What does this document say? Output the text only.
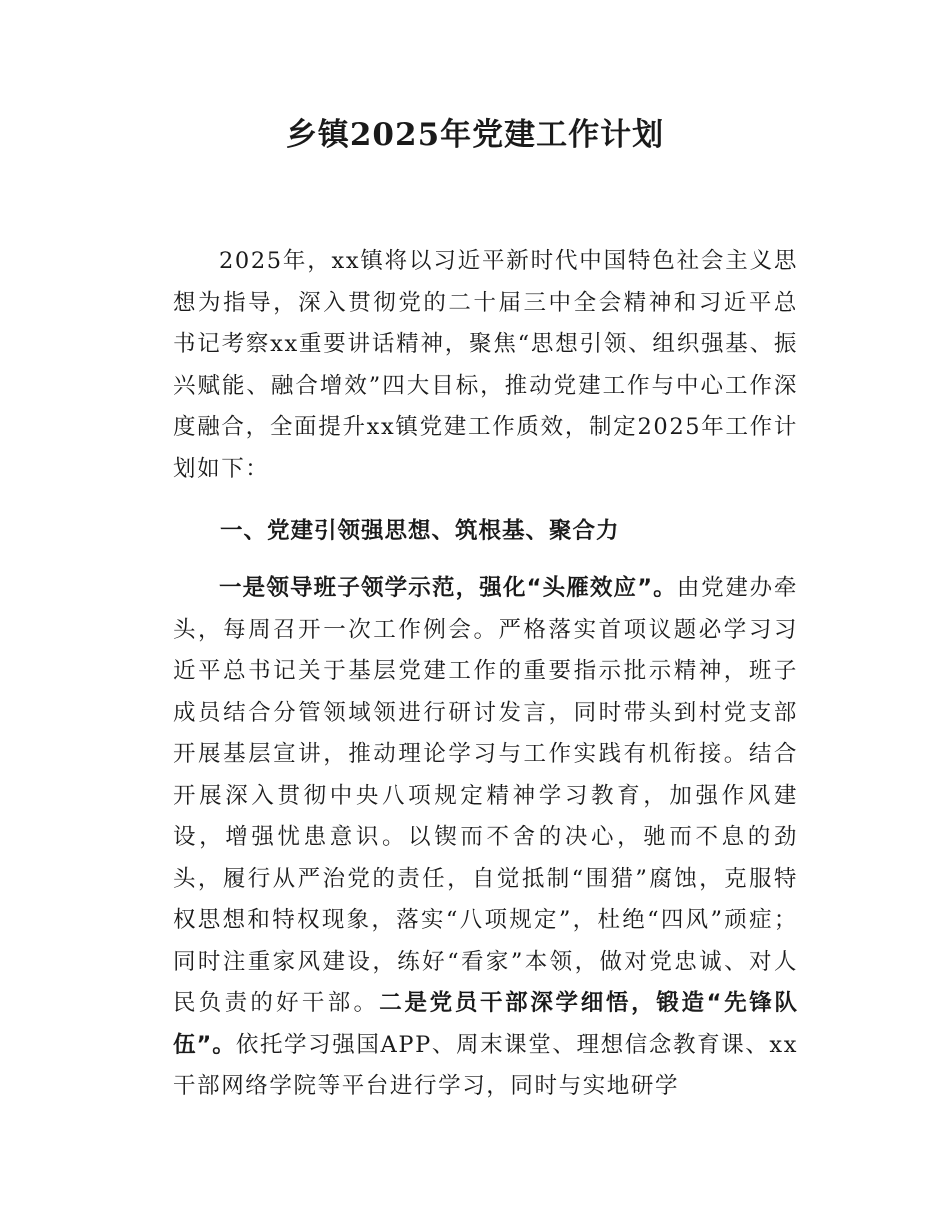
乡镇2025年党建工作计划

2025年，xx镇将以习近平新时代中国特色社会主义思想为指导，深入贯彻党的二十届三中全会精神和习近平总书记考察xx重要讲话精神，聚焦“思想引领、组织强基、振兴赋能、融合增效”四大目标，推动党建工作与中心工作深度融合，全面提升xx镇党建工作质效，制定2025年工作计划如下：

一、党建引领强思想、筑根基、聚合力

一是领导班子领学示范，强化“头雁效应”。由党建办牵头，每周召开一次工作例会。严格落实首项议题必学习习近平总书记关于基层党建工作的重要指示批示精神，班子成员结合分管领域领进行研讨发言，同时带头到村党支部开展基层宣讲，推动理论学习与工作实践有机衔接。结合开展深入贯彻中央八项规定精神学习教育，加强作风建设，增强忧患意识。以锲而不舍的决心，驰而不息的劲头，履行从严治党的责任，自觉抵制“围猎”腐蚀，克服特权思想和特权现象，落实“八项规定”，杜绝“四风”顽症；同时注重家风建设，练好“看家”本领，做对党忠诚、对人民负责的好干部。二是党员干部深学细悟，锻造“先锋队伍”。依托学习强国APP、周末课堂、理想信念教育课、xx干部网络学院等平台进行学习，同时与实地研学
